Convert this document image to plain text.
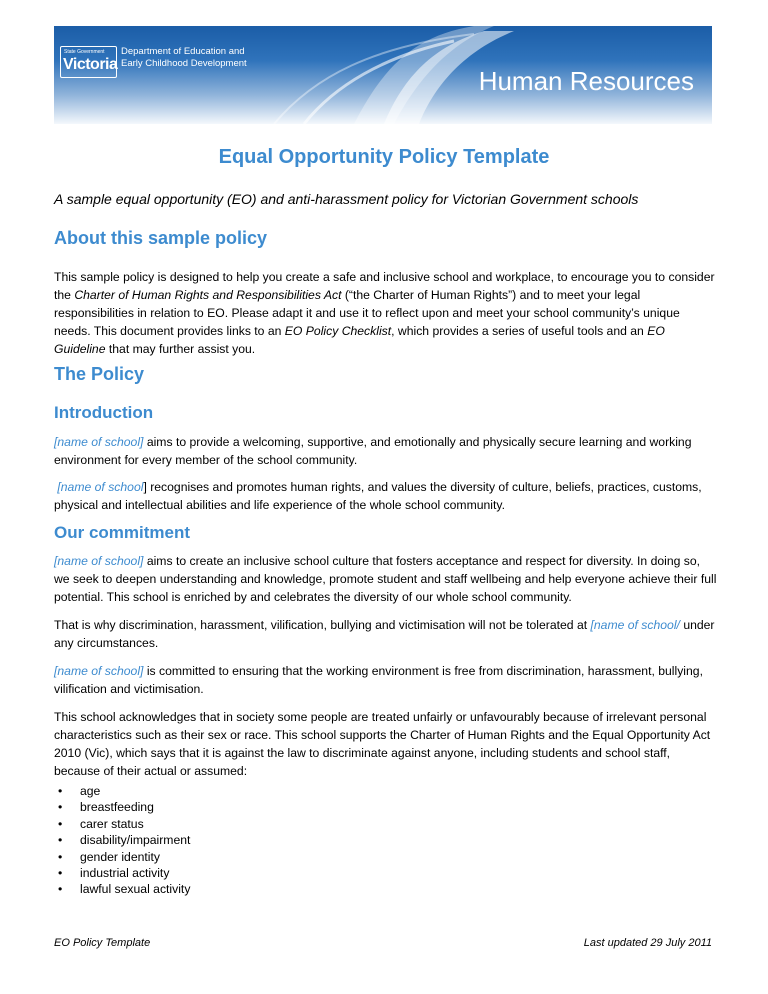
State Government
Victoria
Department of Education and
Early Childhood Development
Human Resources
Equal Opportunity Policy Template
A sample equal opportunity (EO) and anti-harassment policy for Victorian Government schools
About this sample policy
This sample policy is designed to help you create a safe and inclusive school and workplace, to encourage you to consider the Charter of Human Rights and Responsibilities Act (“the Charter of Human Rights”) and to meet your legal responsibilities in relation to EO. Please adapt it and use it to reflect upon and meet your school community’s unique needs. This document provides links to an EO Policy Checklist, which provides a series of useful tools and an EO Guideline that may further assist you.
The Policy
Introduction
[name of school] aims to provide a welcoming, supportive, and emotionally and physically secure learning and working environment for every member of the school community.
[name of school] recognises and promotes human rights, and values the diversity of culture, beliefs, practices, customs, physical and intellectual abilities and life experience of the whole school community.
Our commitment
[name of school] aims to create an inclusive school culture that fosters acceptance and respect for diversity. In doing so, we seek to deepen understanding and knowledge, promote student and staff wellbeing and help everyone achieve their full potential. This school is enriched by and celebrates the diversity of our whole school community.
That is why discrimination, harassment, vilification, bullying and victimisation will not be tolerated at [name of school/ under any circumstances.
[name of school] is committed to ensuring that the working environment is free from discrimination, harassment, bullying, vilification and victimisation.
This school acknowledges that in society some people are treated unfairly or unfavourably because of irrelevant personal characteristics such as their sex or race. This school supports the Charter of Human Rights and the Equal Opportunity Act 2010 (Vic), which says that it is against the law to discriminate against anyone, including students and school staff, because of their actual or assumed:
• age
• breastfeeding
• carer status
• disability/impairment
• gender identity
• industrial activity
• lawful sexual activity
EO Policy Template	Last updated 29 July 2011
